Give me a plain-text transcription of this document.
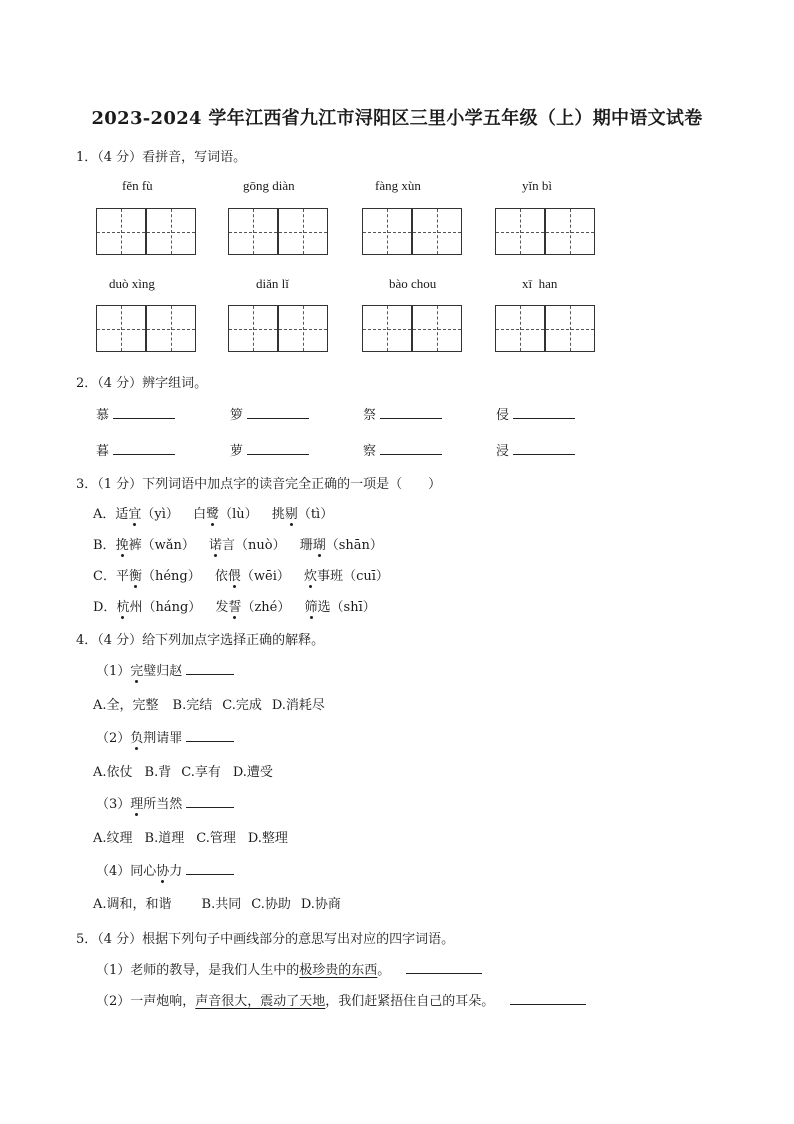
2023-2024 学年江西省九江市浔阳区三里小学五年级（上）期中语文试卷
1．（4 分）看拼音，写词语。
fěn fù	gōng diàn	fàng xùn	yǐn bì
duò xìng	diǎn lǐ	bào chou	xī  han
2．（4 分）辨字组词。
慕	箩	祭	侵
暮	萝	察	浸
3．（1 分）下列词语中加点字的读音完全正确的一项是（　　）
A．适宜（yì） 白鹭（lù） 挑剔（tì）
B．挽裤（wǎn） 诺言（nuò） 珊瑚（shān）
C．平衡（héng） 依偎（wēi） 炊事班（cuī）
D．杭州（háng） 发誓（zhé） 筛选（shī）
4．（4 分）给下列加点字选择正确的解释。
（1）完璧归赵
A.全，完整 B.完结 C.完成 D.消耗尽
（2）负荆请罪
A.依仗 B.背 C.享有 D.遭受
（3）理所当然
A.纹理 B.道理 C.管理 D.整理
（4）同心协力
A.调和，和谐 B.共同 C.协助 D.协商
5．（4 分）根据下列句子中画线部分的意思写出对应的四字词语。
（1）老师的教导，是我们人生中的极珍贵的东西。
（2）一声炮响，声音很大，震动了天地，我们赶紧捂住自己的耳朵。
